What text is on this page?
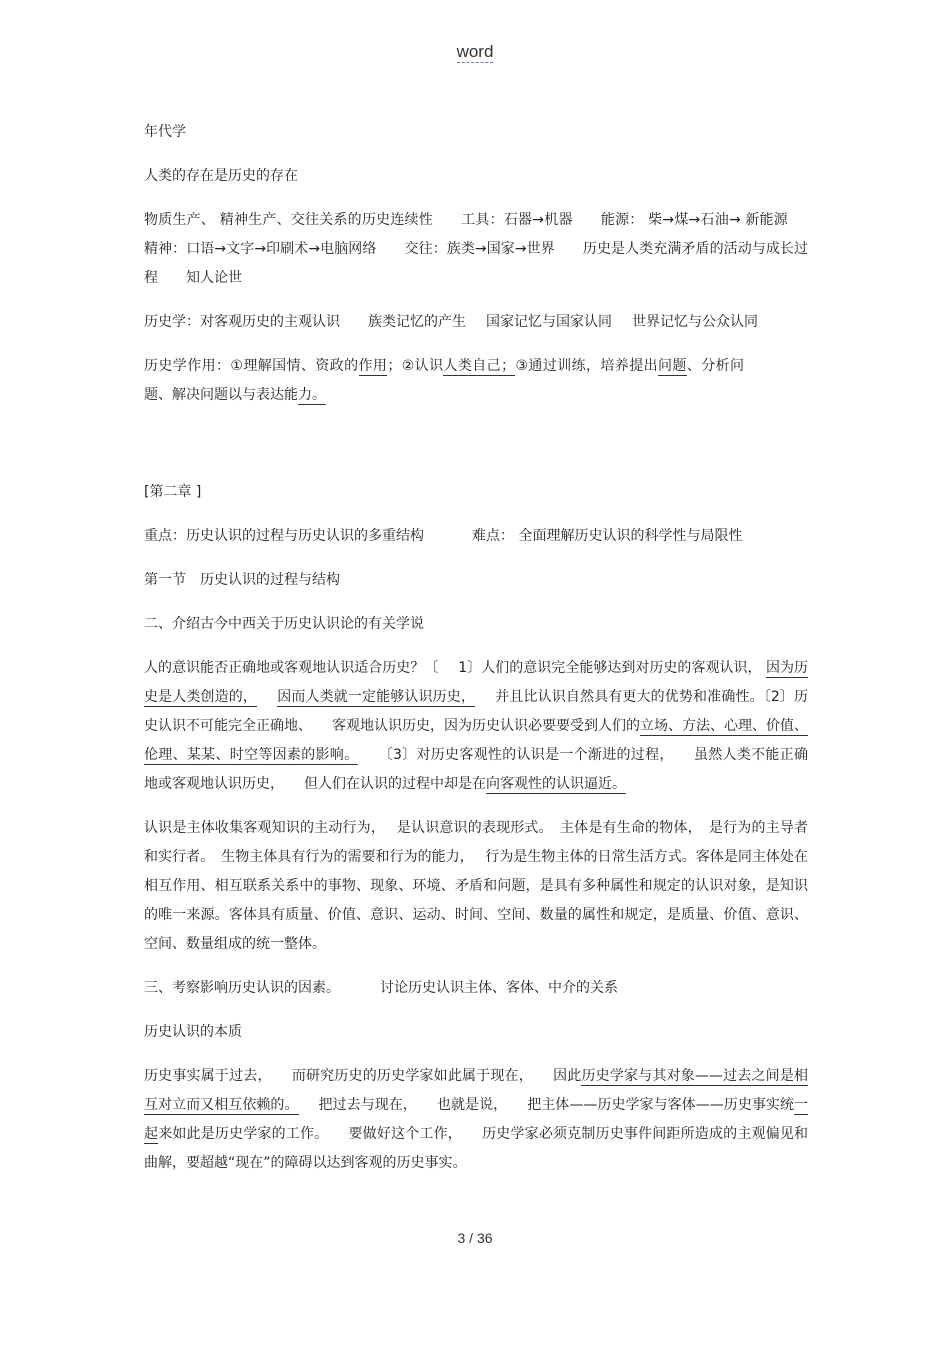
word
年代学
人类的存在是历史的存在
物质生产、 精神生产、交往关系的历史连续性 工具：石器→机器 能源： 柴→煤→石油→ 新能源精神：口语→文字→印刷术→电脑网络 交往：族类→国家→世界 历史是人类充满矛盾的活动与成长过程 知人论世
历史学：对客观历史的主观认识 族类记忆的产生 国家记忆与国家认同 世界记忆与公众认同
历史学作用：①理解国情、资政的作用；②认识人类自己；③通过训练，培养提出问题、分析问题、解决问题以与表达能力。
[第二章 ]
重点：历史认识的过程与历史认识的多重结构	难点： 全面理解历史认识的科学性与局限性
第一节　历史认识的过程与结构
二、介绍古今中西关于历史认识论的有关学说
人的意识能否正确地或客观地认识适合历史？〔 1〕人们的意识完全能够达到对历史的客观认识， 因为历史是人类创造的， 因而人类就一定能够认识历史， 并且比认识自然具有更大的优势和准确性。〔2〕历史认识不可能完全正确地、 客观地认识历史，因为历史认识必要要受到人们的立场、方法、心理、价值、伦理、某某、时空等因素的影响。 〔3〕对历史客观性的认识是一个渐进的过程， 虽然人类不能正确地或客观地认识历史， 但人们在认识的过程中却是在向客观性的认识逼近。
认识是主体收集客观知识的主动行为，　 是认识意识的表现形式。　主体是有生命的物体，　是行为的主导者和实行者。　生物主体具有行为的需要和行为的能力，　 行为是生物主体的日常生活方式。客体是同主体处在相互作用、相互联系关系中的事物、现象、环境、矛盾和问题，是具有多种属性和规定的认识对象，是知识的唯一来源。客体具有质量、价值、意识、运动、时间、空间、数量的属性和规定，是质量、价值、意识、空间、数量组成的统一整体。
三、考察影响历史认识的因素。	讨论历史认识主体、客体、中介的关系
历史认识的本质
历史事实属于过去， 而研究历史的历史学家如此属于现在， 因此历史学家与其对象——过去之间是相互对立而又相互依赖的。 把过去与现在， 也就是说， 把主体——历史学家与客体——历史事实统一起来如此是历史学家的工作。 要做好这个工作， 历史学家必须克制历史事件间距所造成的主观偏见和曲解，要超越“现在”的障碍以达到客观的历史事实。
3 / 36
